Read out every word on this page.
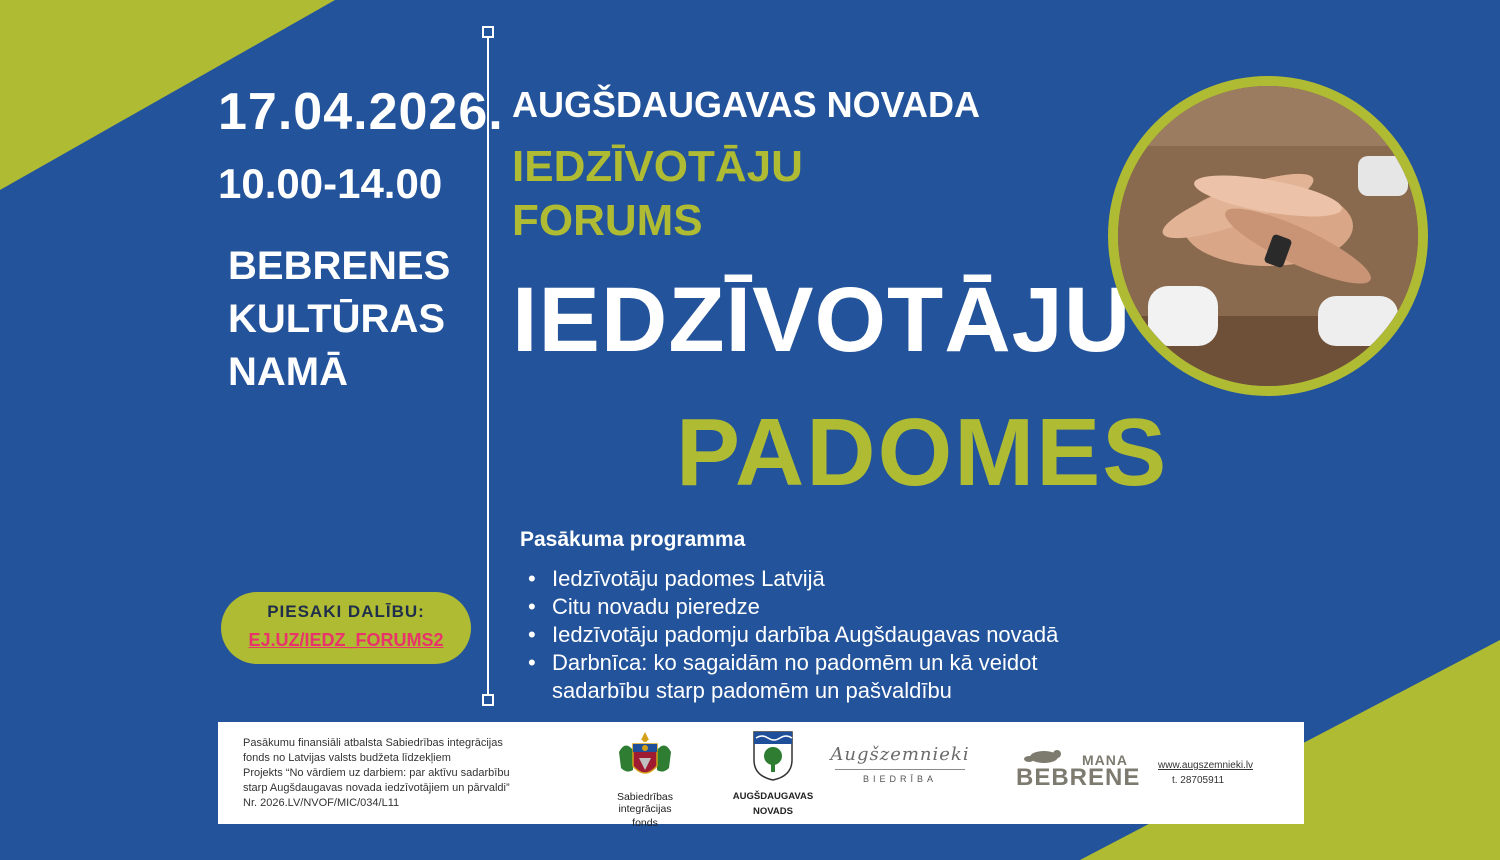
17.04.2026.
10.00-14.00
BEBRENES
KULTŪRAS
NAMĀ
AUGŠDAUGAVAS NOVADA
IEDZĪVOTĀJU
FORUMS
IEDZĪVOTĀJU
PADOMES
Pasākuma programma
• Iedzīvotāju padomes Latvijā
• Citu novadu pieredze
• Iedzīvotāju padomju darbība Augšdaugavas novadā
• Darbnīca: ko sagaidām no padomēm un kā veidot sadarbību starp padomēm un pašvaldību
PIESAKI DALĪBU:
EJ.UZ/IEDZ_FORUMS2
Pasākumu finansiāli atbalsta Sabiedrības integrācijas
fonds no Latvijas valsts budžeta līdzekļiem
Projekts “No vārdiem uz darbiem: par aktīvu sadarbību
starp Augšdaugavas novada iedzīvotājiem un pārvaldi”
Nr. 2026.LV/NVOF/MIC/034/L11	Sabiedrības integrācijas
fonds
AUGŠDAUGAVAS
NOVADS
Augšzemnieki
BIEDRĪBA
MANA
BEBRENE www.augszemnieki.lv
t. 28705911
